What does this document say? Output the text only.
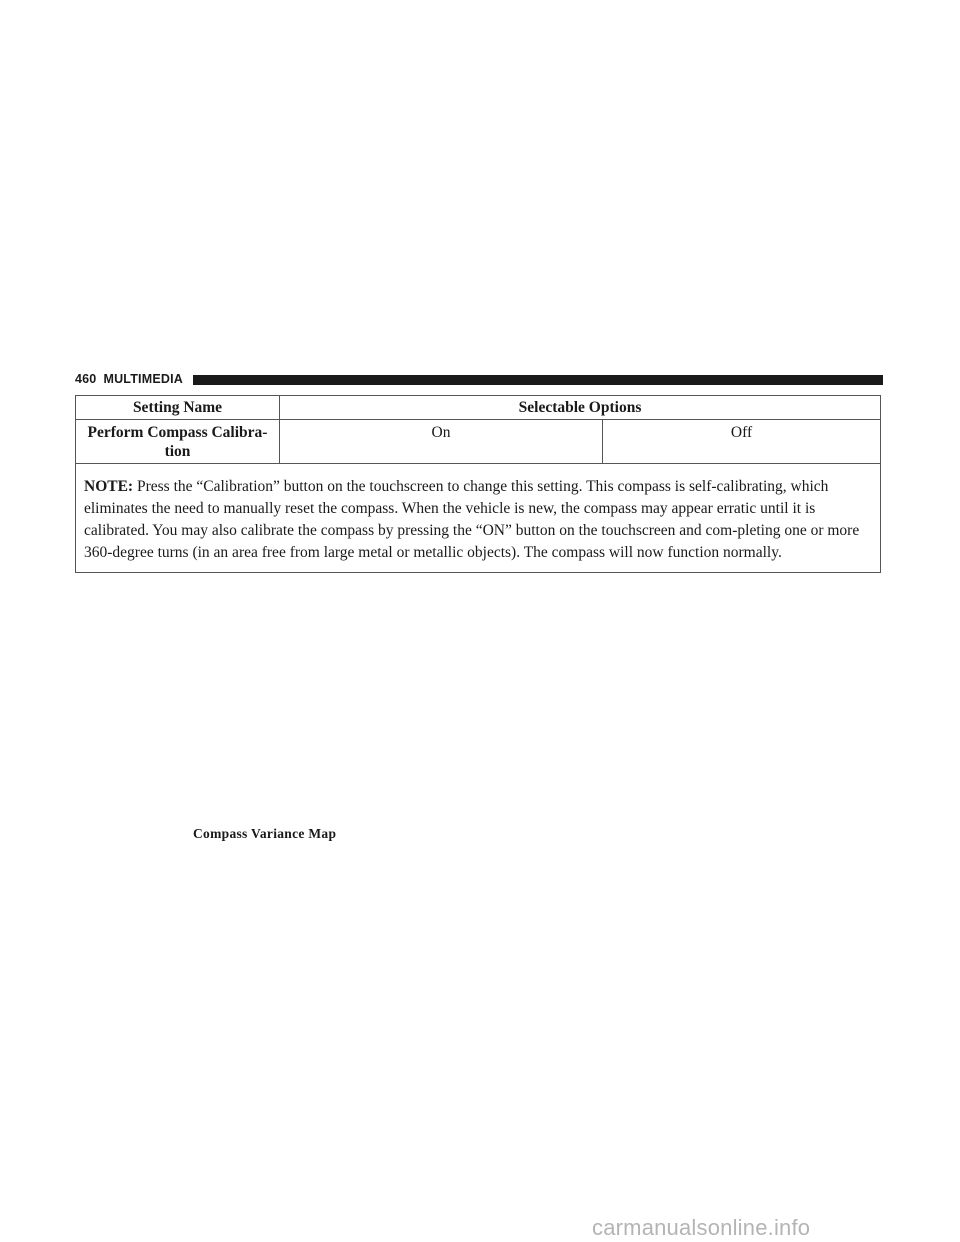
460 MULTIMEDIA
Setting Name	Selectable Options	
Perform Compass Calibra-
tion	On	Off
NOTE: Press the “Calibration” button on the touchscreen to change this setting. This compass is self-calibrating, which eliminates the need to manually reset the compass. When the vehicle is new, the compass may appear erratic until it is calibrated. You may also calibrate the compass by pressing the “ON” button on the touchscreen and com-pleting one or more 360-degree turns (in an area free from large metal or metallic objects). The compass will now function normally.		
Compass Variance Map
carmanualsonline.info
